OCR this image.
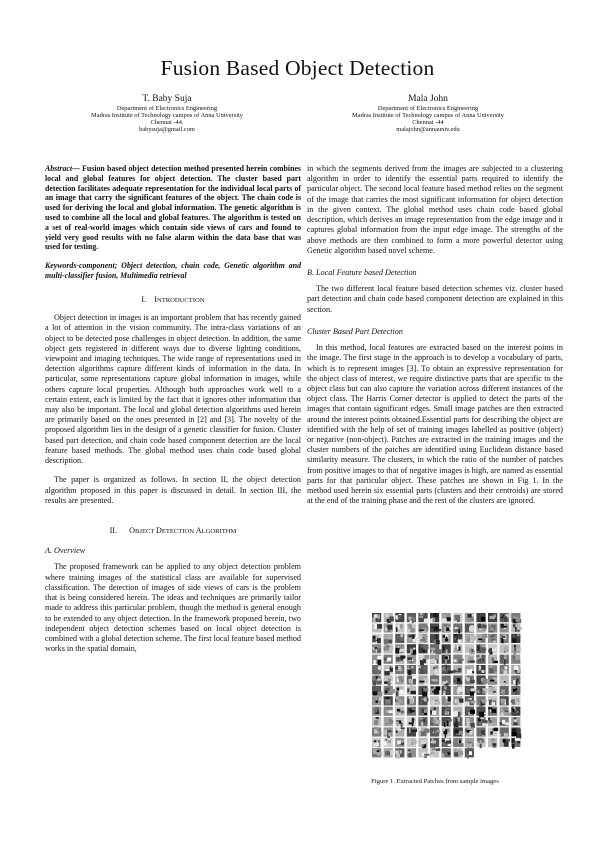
Fusion Based Object Detection
T. Baby Suja
Department of Electronics Engineering
Madras Institute of Technology campus of Anna University
Chennai -44.
babysuja@gmail.com
Mala John
Department of Electronics Engineering
Madras Institute of Technology campus of Anna University
Chennai -44
malajohn@annauniv.edu

Abstract— Fusion based object detection method presented herein combines local and global features for object detection. The cluster based part detection facilitates adequate representation for the individual local parts of an image that carry the significant features of the object. The chain code is used for deriving the local and global information. The genetic algorithm is used to combine all the local and global features. The algorithm is tested on a set of real-world images which contain side views of cars and found to yield very good results with no false alarm within the data base that was used for testing.

Keywords-component; Object detection, chain code, Genetic algorithm and multi-classifier fusion, Multimedia retrieval

I. INTRODUCTION

Object detection in images is an important problem that has recently gained a lot of attention in the vision community. The intra-class variations of an object to be detected pose challenges in object detection. In addition, the same object gets registered in different ways due to diverse lighting conditions, viewpoint and imaging techniques. The wide range of representations used in detection algorithms capture different kinds of information in the data. In particular, some representations capture global information in images, while others capture local properties. Although both approaches work well to a certain extent, each is limited by the fact that it ignores other information that may also be important. The local and global detection algorithms used herein are primarily based on the ones presented in [2] and [3]. The novelty of the proposed algorithm lies in the design of a genetic classifier for fusion. Cluster based part detection, and chain code based component detection are the local feature based methods. The global method uses chain code based global description.

The paper is organized as follows. In section II, the object detection algorithm proposed in this paper is discussed in detail. In section III, the results are presented.

II. OBJECT DETECTION ALGORITHM

A. Overview

The proposed framework can be applied to any object detection problem where training images of the statistical class are available for supervised classification. The detection of images of side views of cars is the problem that is being considered herein. The ideas and techniques are primarily tailor made to address this particular problem, though the method is general enough to be extended to any object detection. In the framework proposed herein, two independent object detection schemes based on local object detection is combined with a global detection scheme. The first local feature based method works in the spatial domain,

in which the segments derived from the images are subjected to a clustering algorithm in order to identify the essential parts required to identify the particular object. The second local feature based method relies on the segment of the image that carries the most significant information for object detection in the given context. The global method uses chain code based global description, which derives an image representation from the edge image and it captures global information from the input edge image. The strengths of the above methods are then combined to form a more powerful detector using Genetic algorithm based novel scheme.

B. Local Feature based Detection

The two different local feature based detection schemes viz. cluster based part detection and chain code based component detection are explained in this section.

Cluster Based Part Detection

In this method, local features are extracted based on the interest points in the image. The first stage in the approach is to develop a vocabulary of parts, which is to represent images [3]. To obtain an expressive representation for the object class of interest, we require distinctive parts that are specific to the object class but can also capture the variation across different instances of the object class. The Harris Corner detector is applied to detect the parts of the images that contain significant edges. Small image patches are then extracted around the interest points obtained.Essential parts for describing the object are identified with the help of set of training images labelled as positive (object) or negative (non-object). Patches are extracted in the training images and the cluster numbers of the patches are identified using Euclidean distance based similarity measure. The clusters, in which the ratio of the number of patches from positive images to that of negative images is high, are named as essential parts for that particular object. These patches are shown in Fig 1. In the method used herein six essential parts (clusters and their centroids) are stored at the end of the training phase and the rest of the clusters are ignored.

Figure 1. Extracted Patches from sample images
